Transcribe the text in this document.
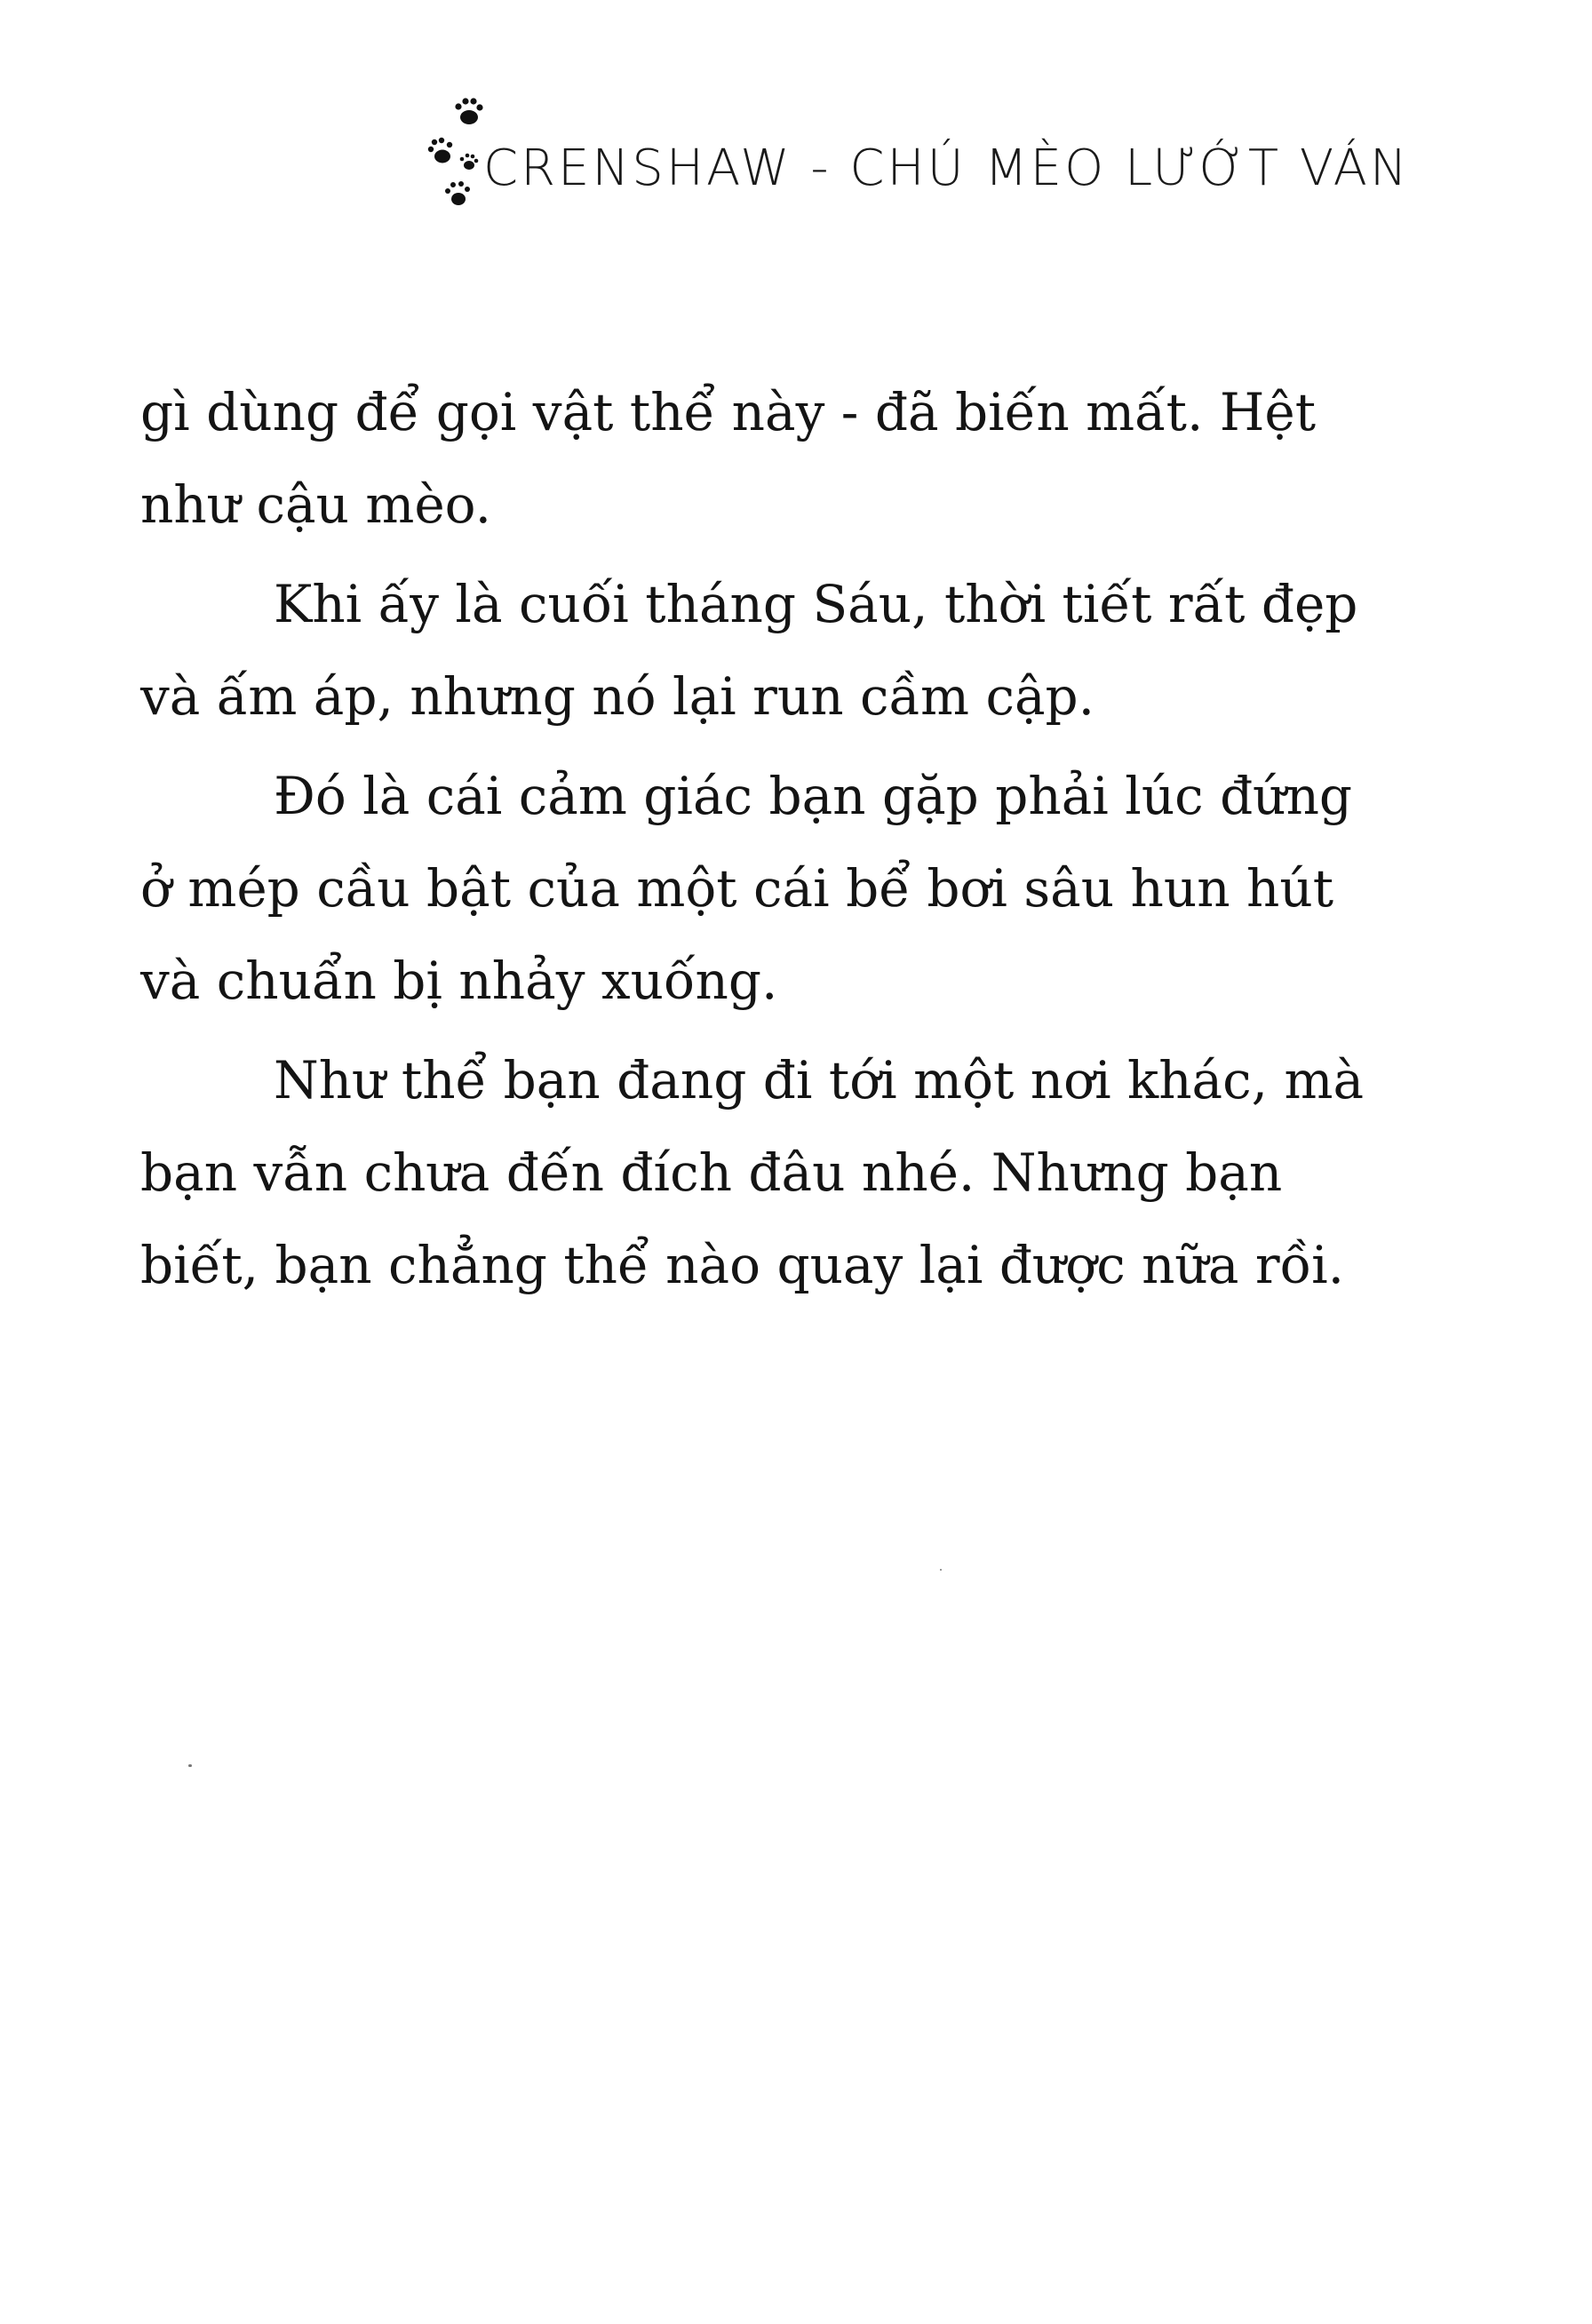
CRENSHAW - CHÚ MÈO LƯỚT VÁN

gì dùng để gọi vật thể này - đã biến mất. Hệt như cậu mèo.

Khi ấy là cuối tháng Sáu, thời tiết rất đẹp và ấm áp, nhưng nó lại run cầm cập.

Đó là cái cảm giác bạn gặp phải lúc đứng ở mép cầu bật của một cái bể bơi sâu hun hút và chuẩn bị nhảy xuống.

Như thể bạn đang đi tới một nơi khác, mà bạn vẫn chưa đến đích đâu nhé. Nhưng bạn biết, bạn chẳng thể nào quay lại được nữa rồi.
